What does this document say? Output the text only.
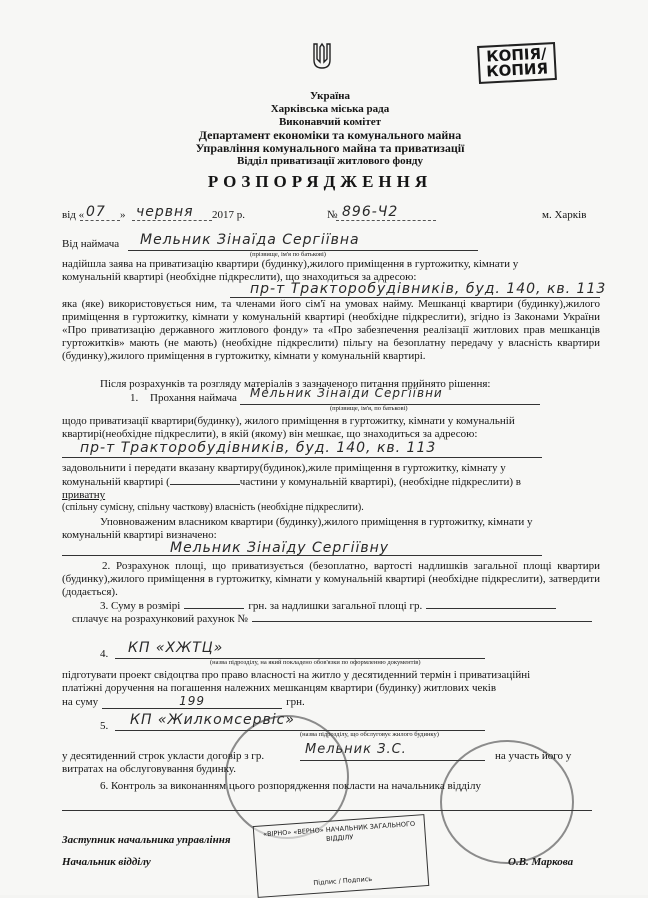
КОПІЯ/
КОПИЯ
Україна
Харківська міська рада
Виконавчий комітет
Департамент економіки та комунального майна
Управління комунального майна та приватизації
Відділ приватизації житлового фонду
РОЗПОРЯДЖЕННЯ
від « 07 » червня 2017 р.	№ 896-Ч2	м. Харків
Від наймача Мельник Зінаїда Сергіївна
(прізвище, ім'я по батькові)
надійшла заява на приватизацію квартири (будинку),жилого приміщення в гуртожитку, кімнати у
комунальній квартирі (необхідне підкреслити), що знаходиться за адресою:
пр-т Тракторобудівників, буд. 140, кв. 113
яка (яке) використовується ним, та членами його сім'ї на умовах найму. Мешканці квартири (будинку),жилого приміщення в гуртожитку, кімнати у комунальній квартирі (необхідне підкреслити), згідно із Законами України «Про приватизацію державного житлового фонду» та «Про забезпечення реалізації житлових прав мешканців гуртожитків» мають (не мають) (необхідне підкреслити) пільгу на безоплатну передачу у власність квартири (будинку),жилого приміщення в гуртожитку, кімнати у комунальній квартирі.
Після розрахунків та розгляду матеріалів з зазначеного питання прийнято рішення:
1. Прохання наймача Мельник Зінаїди Сергіївни
(прізвище, ім'я, по батькові)
щодо приватизації квартири(будинку), жилого приміщення в гуртожитку, кімнати у комунальній
квартирі(необхідне підкреслити), в якій (якому) він мешкає, що знаходиться за адресою:
пр-т Тракторобудівників, буд. 140, кв. 113
задовольнити і передати вказану квартиру(будинок),жиле приміщення в гуртожитку, кімнату у
комунальній квартирі (	частини у комунальній квартирі), (необхідне підкреслити) в
приватну
(спільну сумісну, спільну часткову) власність (необхідне підкреслити).
Уповноваженим власником квартири (будинку),жилого приміщення в гуртожитку, кімнати у
комунальній квартирі визначено:
Мельник Зінаїду Сергіївну
2. Розрахунок площі, що приватизується (безоплатно, вартості надлишків загальної площі квартири (будинку),жилого приміщення в гуртожитку, кімнати у комунальній квартирі (необхідне підкреслити), затвердити (додається).
3. Суму в розмірі	грн. за надлишки загальної площі гр.
сплачує на розрахунковий рахунок №
4. КП «ХЖТЦ»
(назва підрозділу, на який покладено обов'язки по оформленню документів)
підготувати проект свідоцтва про право власності на житло у десятиденний термін і приватизаційні
платіжні доручення на погашення належних мешканцям квартири (будинку) житлових чеків
на суму	199	грн.
5. КП «Жилкомсервіс»
(назва підрозділу, що обслуговує жилого будинку)
у десятиденний строк укласти договір з гр.	Мельник З.С.	на участь його у
витратах на обслуговування будинку.
6. Контроль за виконанням цього розпорядження покласти на начальника відділу
Заступник начальника управління
Начальник відділу	О.В. Маркова
«ВІРНО» «ВЕРНО» НАЧАЛЬНИК ЗАГАЛЬНОГО ВІДДІЛУ
Підпис / Подпись
